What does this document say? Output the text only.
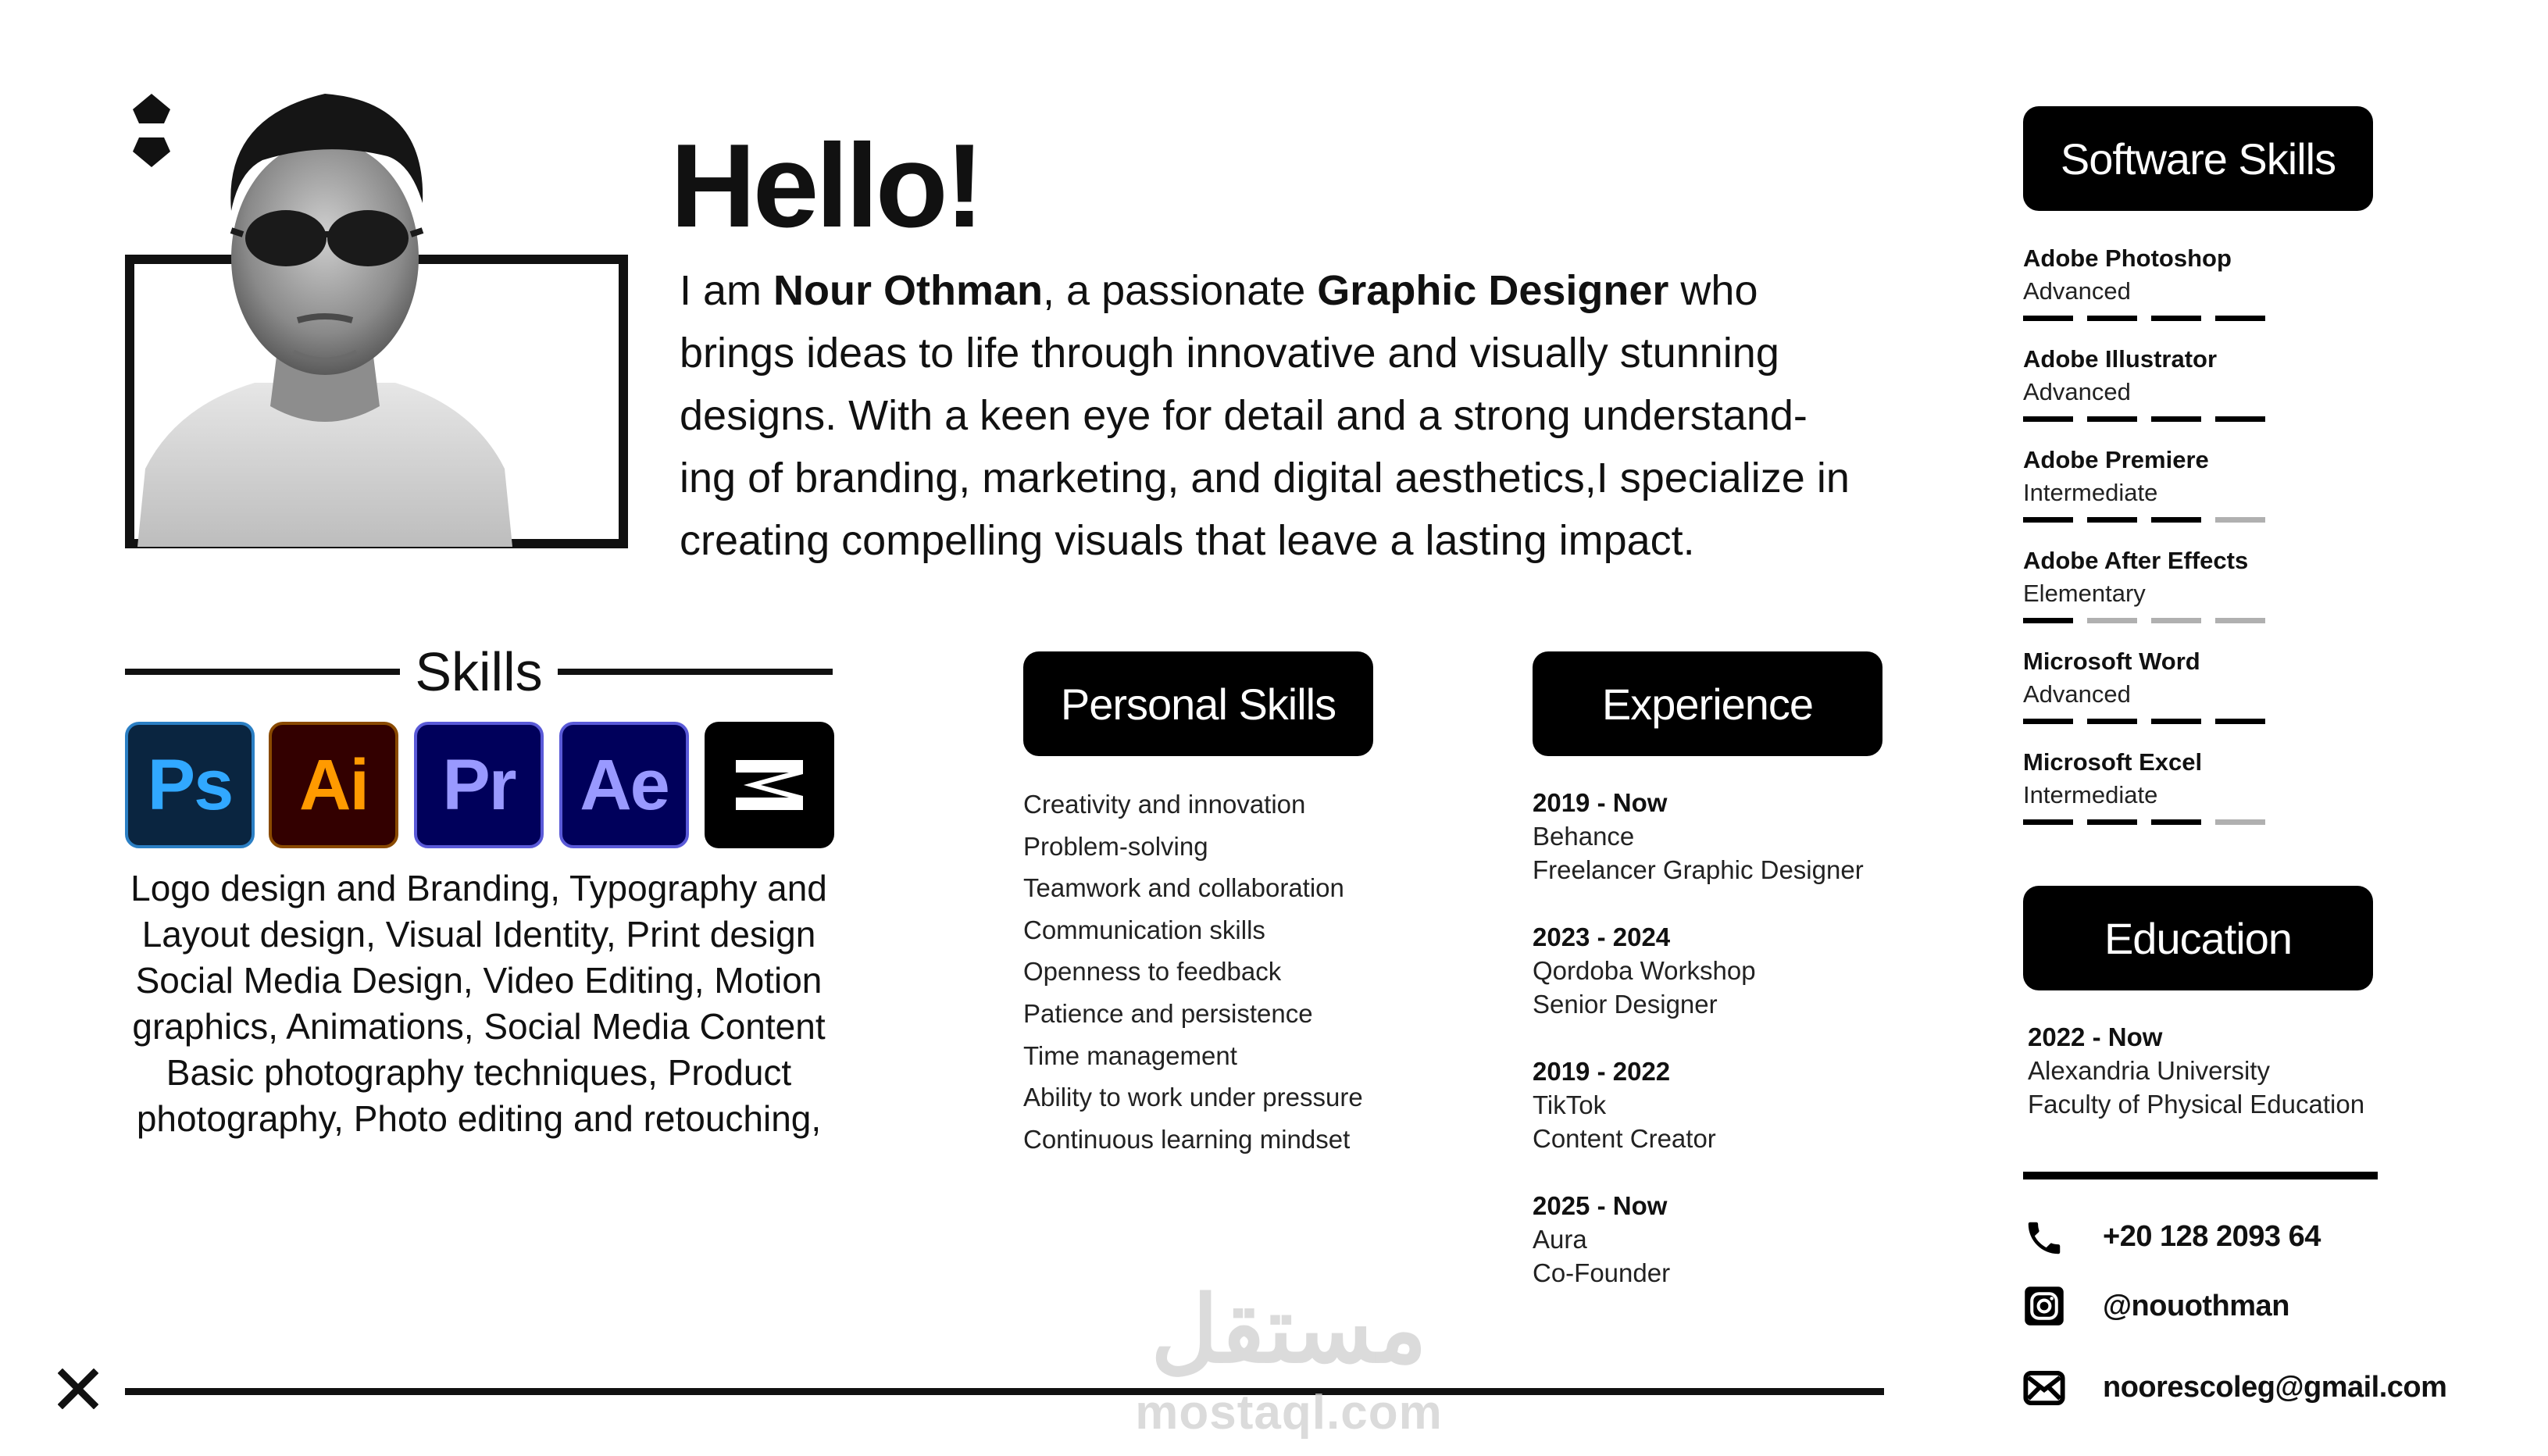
Hello!
I am Nour Othman, a passionate Graphic Designer who brings ideas to life through innovative and visually stunning designs. With a keen eye for detail and a strong understand-ing of branding, marketing, and digital aesthetics,I specialize in creating compelling visuals that leave a lasting impact.
Skills
Ps Ai Pr Ae
Logo design and Branding, Typography and Layout design, Visual Identity, Print design Social Media Design, Video Editing, Motion graphics, Animations, Social Media Content Basic photography techniques, Product photography, Photo editing and retouching,
Personal Skills
Creativity and innovation
Problem-solving
Teamwork and collaboration
Communication skills
Openness to feedback
Patience and persistence
Time management
Ability to work under pressure
Continuous learning mindset
Experience
2019 - Now
Behance
Freelancer Graphic Designer
2023 - 2024
Qordoba Workshop
Senior Designer
2019 - 2022
TikTok
Content Creator
2025 - Now
Aura
Co-Founder
Software Skills
Adobe Photoshop
Advanced
Adobe Illustrator
Advanced
Adobe Premiere
Intermediate
Adobe After Effects
Elementary
Microsoft Word
Advanced
Microsoft Excel
Intermediate
Education
2022 - Now
Alexandria University
Faculty of Physical Education
+20 128 2093 64
@nouothman
noorescoleg@gmail.com
مستقل
mostaql.com
